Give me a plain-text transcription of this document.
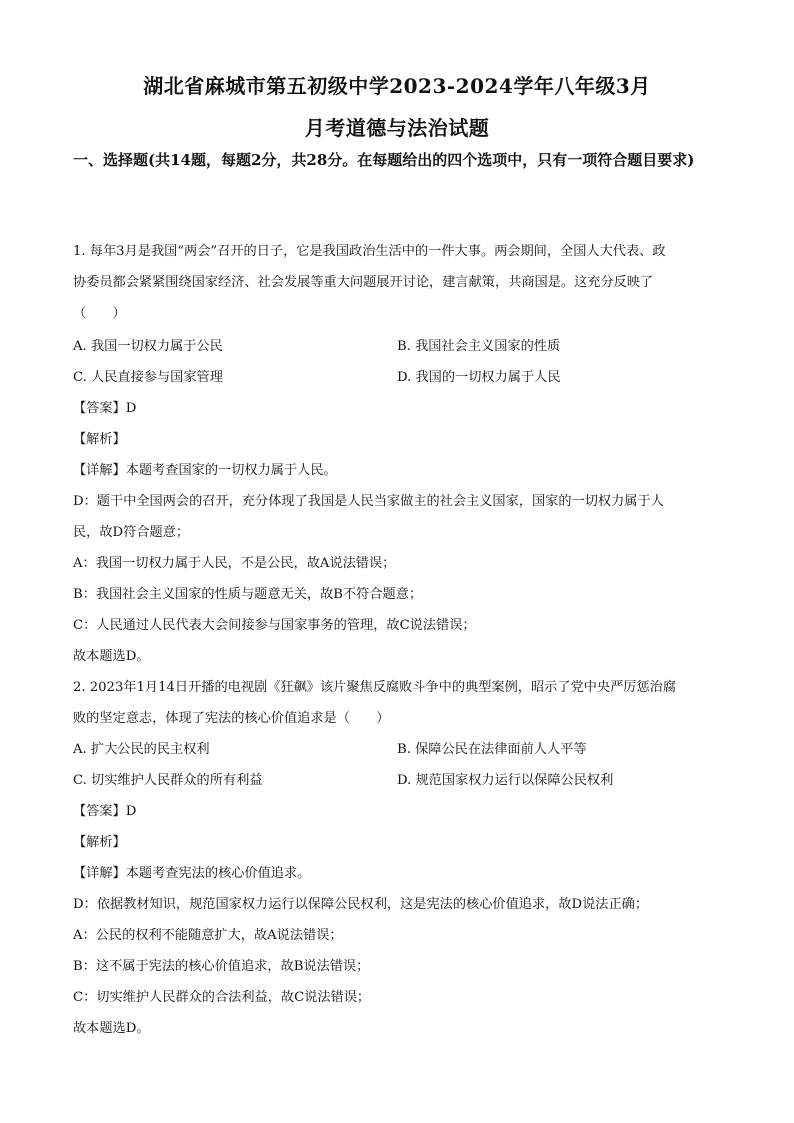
湖北省麻城市第五初级中学2023-2024学年八年级3月
月考道德与法治试题
一、选择题(共14题，每题2分，共28分。在每题给出的四个选项中，只有一项符合题目要求)
1. 每年3月是我国“两会”召开的日子，它是我国政治生活中的一件大事。两会期间，全国人大代表、政
协委员都会紧紧围绕国家经济、社会发展等重大问题展开讨论，建言献策，共商国是。这充分反映了
（　　）
A. 我国一切权力属于公民	B. 我国社会主义国家的性质
C. 人民直接参与国家管理	D. 我国的一切权力属于人民
【答案】D
【解析】
【详解】本题考查国家的一切权力属于人民。
D：题干中全国两会的召开，充分体现了我国是人民当家做主的社会主义国家，国家的一切权力属于人
民，故D符合题意；
A：我国一切权力属于人民，不是公民，故A说法错误；
B：我国社会主义国家的性质与题意无关，故B不符合题意；
C：人民通过人民代表大会间接参与国家事务的管理，故C说法错误；
故本题选D。
2. 2023年1月14日开播的电视剧《狂飙》该片聚焦反腐败斗争中的典型案例，昭示了党中央严厉惩治腐
败的坚定意志，体现了宪法的核心价值追求是（　　）
A. 扩大公民的民主权利	B. 保障公民在法律面前人人平等
C. 切实维护人民群众的所有利益	D. 规范国家权力运行以保障公民权利
【答案】D
【解析】
【详解】本题考查宪法的核心价值追求。
D：依据教材知识，规范国家权力运行以保障公民权利，这是宪法的核心价值追求，故D说法正确；
A：公民的权利不能随意扩大，故A说法错误；
B：这不属于宪法的核心价值追求，故B说法错误；
C：切实维护人民群众的合法利益，故C说法错误；
故本题选D。
